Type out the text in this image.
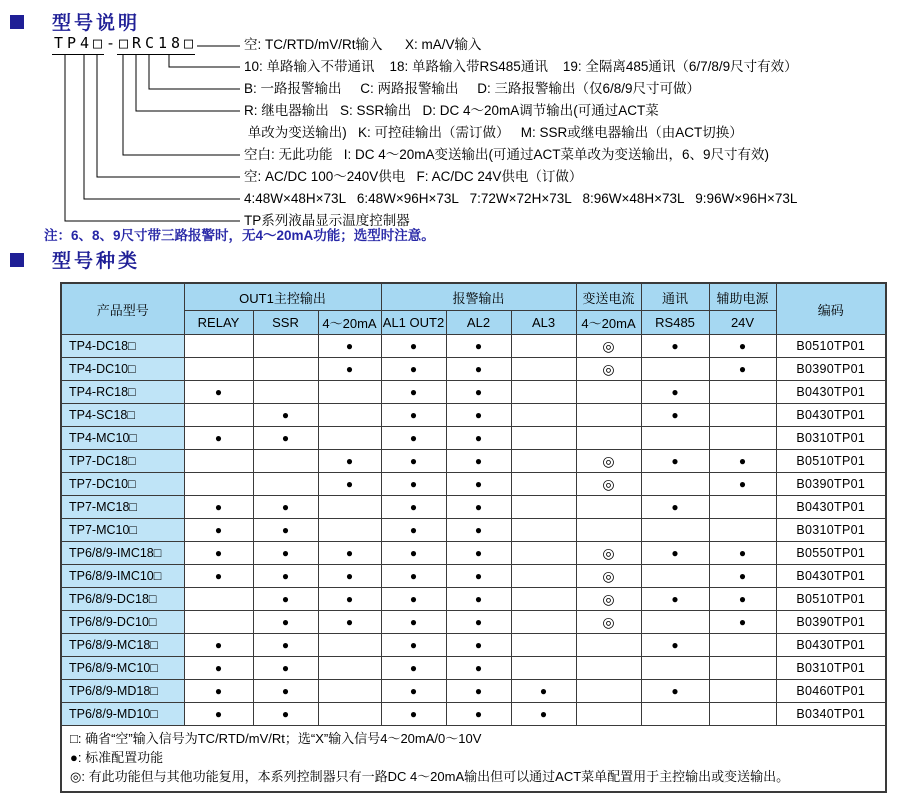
型号说明
T P 4 □ - □ R C 1 8 □	空: TC/RTD/mV/Rt输入      X: mA/V输入
10: 单路输入不带通讯    18: 单路输入带RS485通讯    19: 全隔离485通讯（6/7/8/9尺寸有效）
B: 一路报警输出     C: 两路报警输出     D: 三路报警输出（仅6/8/9尺寸可做）
R: 继电器输出   S: SSR输出   D: DC 4～20mA调节输出(可通过ACT菜
单改为变送输出)   K: 可控硅输出（需订做）   M: SSR或继电器输出（由ACT切换）
空白: 无此功能   I: DC 4～20mA变送输出(可通过ACT菜单改为变送输出，6、9尺寸有效)
空: AC/DC 100～240V供电   F: AC/DC 24V供电（订做）
4:48W×48H×73L   6:48W×96H×73L   7:72W×72H×73L   8:96W×48H×73L   9:96W×96H×73L
TP系列液晶显示温度控制器
注：6、8、9尺寸带三路报警时，无4～20mA功能；选型时注意。
型号种类
产品型号	OUT1主控输出			报警输出			变送电流	通讯	辅助电源	编码
	RELAY	SSR	4～20mA	AL1 OUT2	AL2	AL3	4～20mA	RS485	24V	
TP4-DC18□			●	●	●		◎	●	●	B0510TP01
TP4-DC10□			●	●	●		◎		●	B0390TP01
TP4-RC18□	●			●	●			●		B0430TP01
TP4-SC18□		●		●	●			●		B0430TP01
TP4-MC10□	●	●		●	●					B0310TP01
TP7-DC18□			●	●	●		◎	●	●	B0510TP01
TP7-DC10□			●	●	●		◎		●	B0390TP01
TP7-MC18□	●	●		●	●			●		B0430TP01
TP7-MC10□	●	●		●	●					B0310TP01
TP6/8/9-IMC18□	●	●	●	●	●		◎	●	●	B0550TP01
TP6/8/9-IMC10□	●	●	●	●	●		◎		●	B0430TP01
TP6/8/9-DC18□		●	●	●	●		◎	●	●	B0510TP01
TP6/8/9-DC10□		●	●	●	●		◎		●	B0390TP01
TP6/8/9-MC18□	●	●		●	●			●		B0430TP01
TP6/8/9-MC10□	●	●		●	●					B0310TP01
TP6/8/9-MD18□	●	●		●	●	●		●		B0460TP01
TP6/8/9-MD10□	●	●		●	●	●				B0340TP01

□: 确省“空”输入信号为TC/RTD/mV/Rt；选“X”输入信号4～20mA/0～10V
●: 标准配置功能
◎: 有此功能但与其他功能复用，本系列控制器只有一路DC 4～20mA输出但可以通过ACT菜单配置用于主控输出或变送输出。										
